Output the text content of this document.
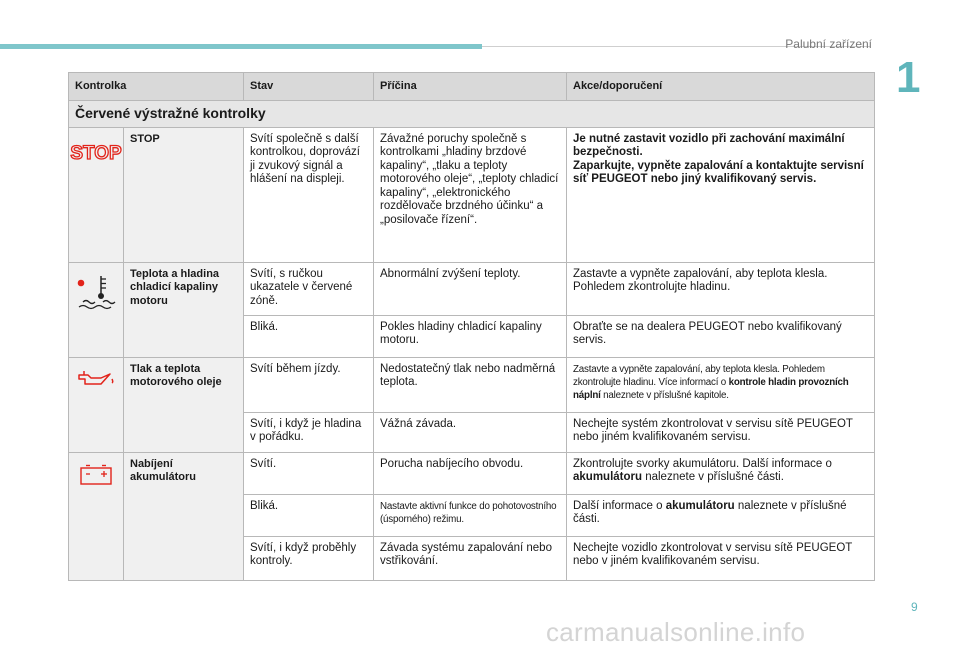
Palubní zařízení
1
Kontrolka		Stav	Příčina	Akce/doporučení
Červené výstražné kontrolky				

STOP	STOP	Svítí společně s další kontrolkou, doprovází ji zvukový signál a hlášení na displeji.	Závažné poruchy společně s kontrolkami „hladiny brzdové kapaliny“, „tlaku a teploty motorového oleje“, „teploty chladicí kapaliny“, „elektronického rozdělovače brzdného účinku“ a „posilovače řízení“.	Je nutné zastavit vozidlo při zachování maximální bezpečnosti.
Zaparkujte, vypněte zapalování a kontaktujte servisní síť PEUGEOT nebo jiný kvalifikovaný servis.

	Teplota a hladina chladicí kapaliny motoru	Svítí, s ručkou ukazatele v červené zóně.	Abnormální zvýšení teploty.	Zastavte a vypněte zapalování, aby teplota klesla. Pohledem zkontrolujte hladinu.
		Bliká.	Pokles hladiny chladicí kapaliny motoru.	Obraťte se na dealera PEUGEOT nebo kvalifikovaný servis.
	Tlak a teplota motorového oleje	Svítí během jízdy.	Nedostatečný tlak nebo nadměrná teplota.	Zastavte a vypněte zapalování, aby teplota klesla. Pohledem zkontrolujte hladinu. Více informací o kontrole hladin provozních náplní naleznete v příslušné kapitole.
		Svítí, i když je hladina v pořádku.	Vážná závada.	Nechejte systém zkontrolovat v servisu sítě PEUGEOT nebo jiném kvalifikovaném servisu.
	Nabíjení akumulátoru	Svítí.	Porucha nabíjecího obvodu.	Zkontrolujte svorky akumulátoru. Další informace o akumulátoru naleznete v příslušné části.
		Bliká.	Nastavte aktivní funkce do pohotovostního (úsporného) režimu.	Další informace o akumulátoru naleznete v příslušné části.
		Svítí, i když proběhly kontroly.	Závada systému zapalování nebo vstřikování.	Nechejte vozidlo zkontrolovat v servisu sítě PEUGEOT nebo v jiném kvalifikovaném servisu.
9
carmanualsonline.info
